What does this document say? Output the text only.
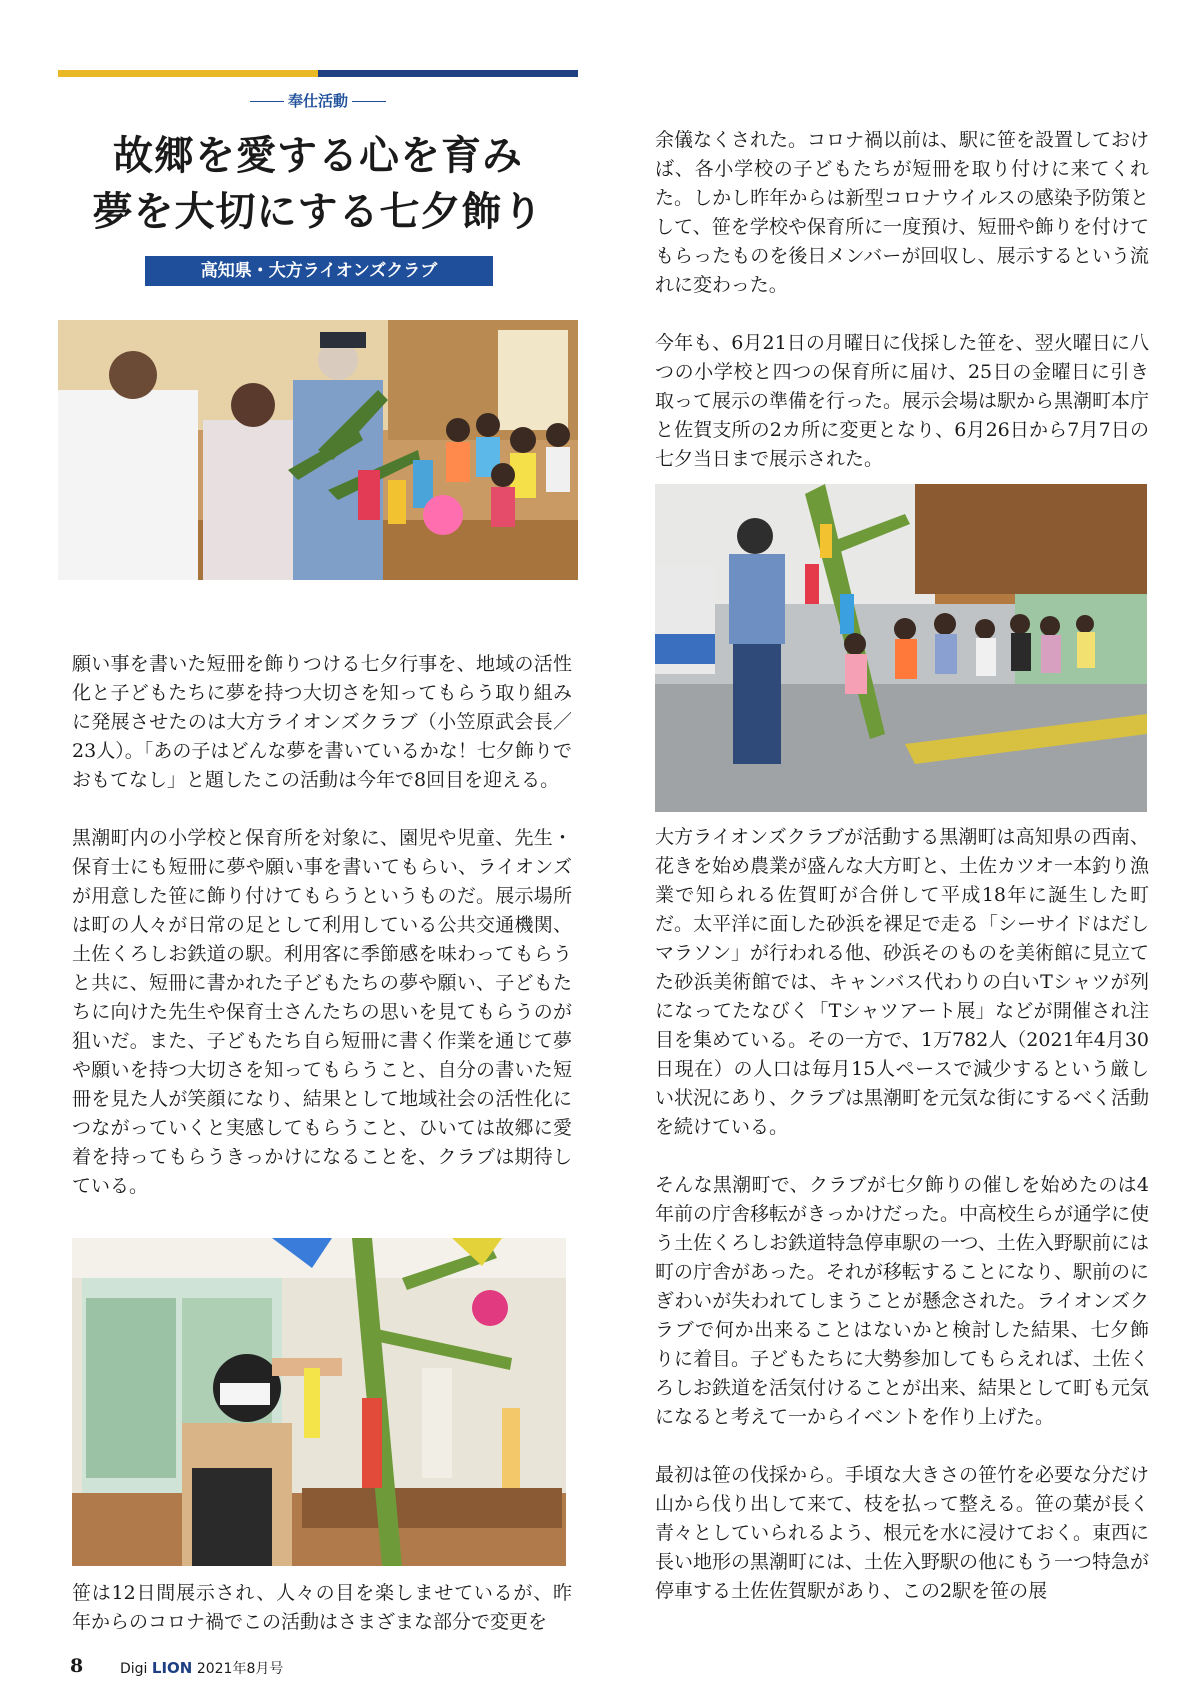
奉仕活動
故郷を愛する心を育み
夢を大切にする七夕飾り
高知県・大方ライオンズクラブ
願い事を書いた短冊を飾りつける七夕行事を、地域の活性化と子どもたちに夢を持つ大切さを知ってもらう取り組みに発展させたのは大方ライオンズクラブ（小笠原武会長／23人）。「あの子はどんな夢を書いているかな！七夕飾りでおもてなし」と題したこの活動は今年で8回目を迎える。

黒潮町内の小学校と保育所を対象に、園児や児童、先生・保育士にも短冊に夢や願い事を書いてもらい、ライオンズが用意した笹に飾り付けてもらうというものだ。展示場所は町の人々が日常の足として利用している公共交通機関、土佐くろしお鉄道の駅。利用客に季節感を味わってもらうと共に、短冊に書かれた子どもたちの夢や願い、子どもたちに向けた先生や保育士さんたちの思いを見てもらうのが狙いだ。また、子どもたち自ら短冊に書く作業を通じて夢や願いを持つ大切さを知ってもらうこと、自分の書いた短冊を見た人が笑顔になり、結果として地域社会の活性化につながっていくと実感してもらうこと、ひいては故郷に愛着を持ってもらうきっかけになることを、クラブは期待している。
笹は12日間展示され、人々の目を楽しませているが、昨年からのコロナ禍でこの活動はさまざまな部分で変更を
余儀なくされた。コロナ禍以前は、駅に笹を設置しておけば、各小学校の子どもたちが短冊を取り付けに来てくれた。しかし昨年からは新型コロナウイルスの感染予防策として、笹を学校や保育所に一度預け、短冊や飾りを付けてもらったものを後日メンバーが回収し、展示するという流れに変わった。

今年も、6月21日の月曜日に伐採した笹を、翌火曜日に八つの小学校と四つの保育所に届け、25日の金曜日に引き取って展示の準備を行った。展示会場は駅から黒潮町本庁と佐賀支所の2カ所に変更となり、6月26日から7月7日の七夕当日まで展示された。
大方ライオンズクラブが活動する黒潮町は高知県の西南、花きを始め農業が盛んな大方町と、土佐カツオ一本釣り漁業で知られる佐賀町が合併して平成18年に誕生した町だ。太平洋に面した砂浜を裸足で走る「シーサイドはだしマラソン」が行われる他、砂浜そのものを美術館に見立てた砂浜美術館では、キャンバス代わりの白いTシャツが列になってたなびく「Tシャツアート展」などが開催され注目を集めている。その一方で、1万782人（2021年4月30日現在）の人口は毎月15人ペースで減少するという厳しい状況にあり、クラブは黒潮町を元気な街にするべく活動を続けている。

そんな黒潮町で、クラブが七夕飾りの催しを始めたのは4年前の庁舎移転がきっかけだった。中高校生らが通学に使う土佐くろしお鉄道特急停車駅の一つ、土佐入野駅前には町の庁舎があった。それが移転することになり、駅前のにぎわいが失われてしまうことが懸念された。ライオンズクラブで何か出来ることはないかと検討した結果、七夕飾りに着目。子どもたちに大勢参加してもらえれば、土佐くろしお鉄道を活気付けることが出来、結果として町も元気になると考えて一からイベントを作り上げた。

最初は笹の伐採から。手頃な大きさの笹竹を必要な分だけ山から伐り出して来て、枝を払って整える。笹の葉が長く青々としていられるよう、根元を水に浸けておく。東西に長い地形の黒潮町には、土佐入野駅の他にもう一つ特急が停車する土佐佐賀駅があり、この2駅を笹の展
8	Digi LION 2021年8月号
